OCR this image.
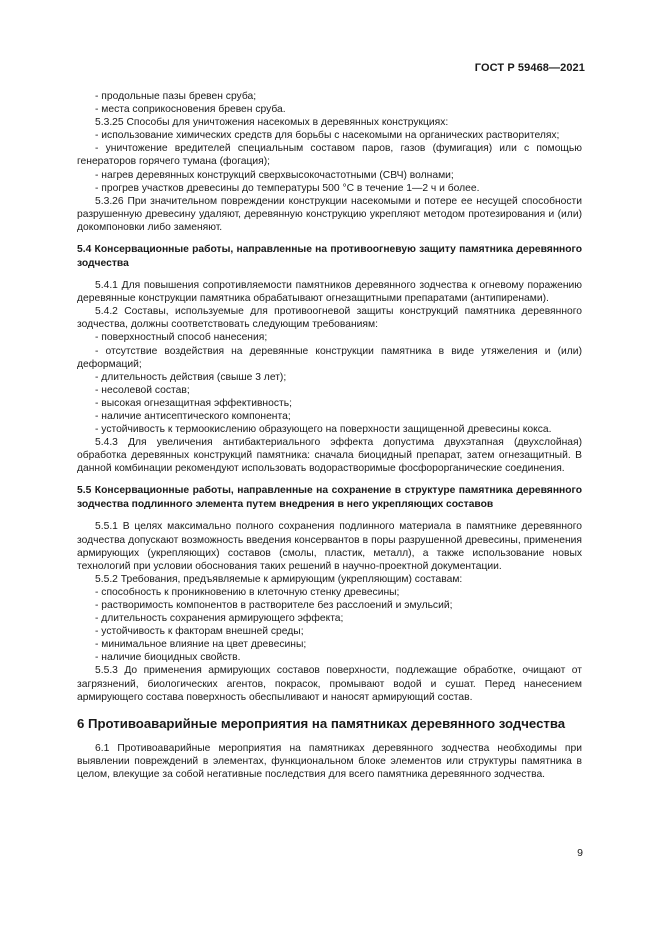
ГОСТ Р 59468—2021

- продольные пазы бревен сруба;

- места соприкосновения бревен сруба.

5.3.25 Способы для уничтожения насекомых в деревянных конструкциях:

- использование химических средств для борьбы с насекомыми на органических растворителях;

- уничтожение вредителей специальным составом паров, газов (фумигация) или с помощью генераторов горячего тумана (фогация);

- нагрев деревянных конструкций сверхвысокочастотными (СВЧ) волнами;

- прогрев участков древесины до температуры 500 °С в течение 1—2 ч и более.

5.3.26 При значительном повреждении конструкции насекомыми и потере ее несущей способности разрушенную древесину удаляют, деревянную конструкцию укрепляют методом протезирования и (или) докомпоновки либо заменяют.

5.4 Консервационные работы, направленные на противоогневую защиту памятника деревянного зодчества

5.4.1 Для повышения сопротивляемости памятников деревянного зодчества к огневому поражению деревянные конструкции памятника обрабатывают огнезащитными препаратами (антипиренами).

5.4.2 Составы, используемые для противоогневой защиты конструкций памятника деревянного зодчества, должны соответствовать следующим требованиям:

- поверхностный способ нанесения;

- отсутствие воздействия на деревянные конструкции памятника в виде утяжеления и (или) деформаций;

- длительность действия (свыше 3 лет);

- несолевой состав;

- высокая огнезащитная эффективность;

- наличие антисептического компонента;

- устойчивость к термоокислению образующего на поверхности защищенной древесины кокса.

5.4.3 Для увеличения антибактериального эффекта допустима двухэтапная (двухслойная) обработка деревянных конструкций памятника: сначала биоцидный препарат, затем огнезащитный. В данной комбинации рекомендуют использовать водорастворимые фосфорорганические соединения.

5.5 Консервационные работы, направленные на сохранение в структуре памятника деревянного зодчества подлинного элемента путем внедрения в него укрепляющих составов

5.5.1 В целях максимально полного сохранения подлинного материала в памятнике деревянного зодчества допускают возможность введения консервантов в поры разрушенной древесины, применения армирующих (укрепляющих) составов (смолы, пластик, металл), а также использование новых технологий при условии обоснования таких решений в научно-проектной документации.

5.5.2 Требования, предъявляемые к армирующим (укрепляющим) составам:

- способность к проникновению в клеточную стенку древесины;

- растворимость компонентов в растворителе без расслоений и эмульсий;

- длительность сохранения армирующего эффекта;

- устойчивость к факторам внешней среды;

- минимальное влияние на цвет древесины;

- наличие биоцидных свойств.

5.5.3 До применения армирующих составов поверхности, подлежащие обработке, очищают от загрязнений, биологических агентов, покрасок, промывают водой и сушат. Перед нанесением армирующего состава поверхность обеспыливают и наносят армирующий состав.

6 Противоаварийные мероприятия на памятниках деревянного зодчества

6.1 Противоаварийные мероприятия на памятниках деревянного зодчества необходимы при выявлении повреждений в элементах, функциональном блоке элементов или структуры памятника в целом, влекущие за собой негативные последствия для всего памятника деревянного зодчества.

9
